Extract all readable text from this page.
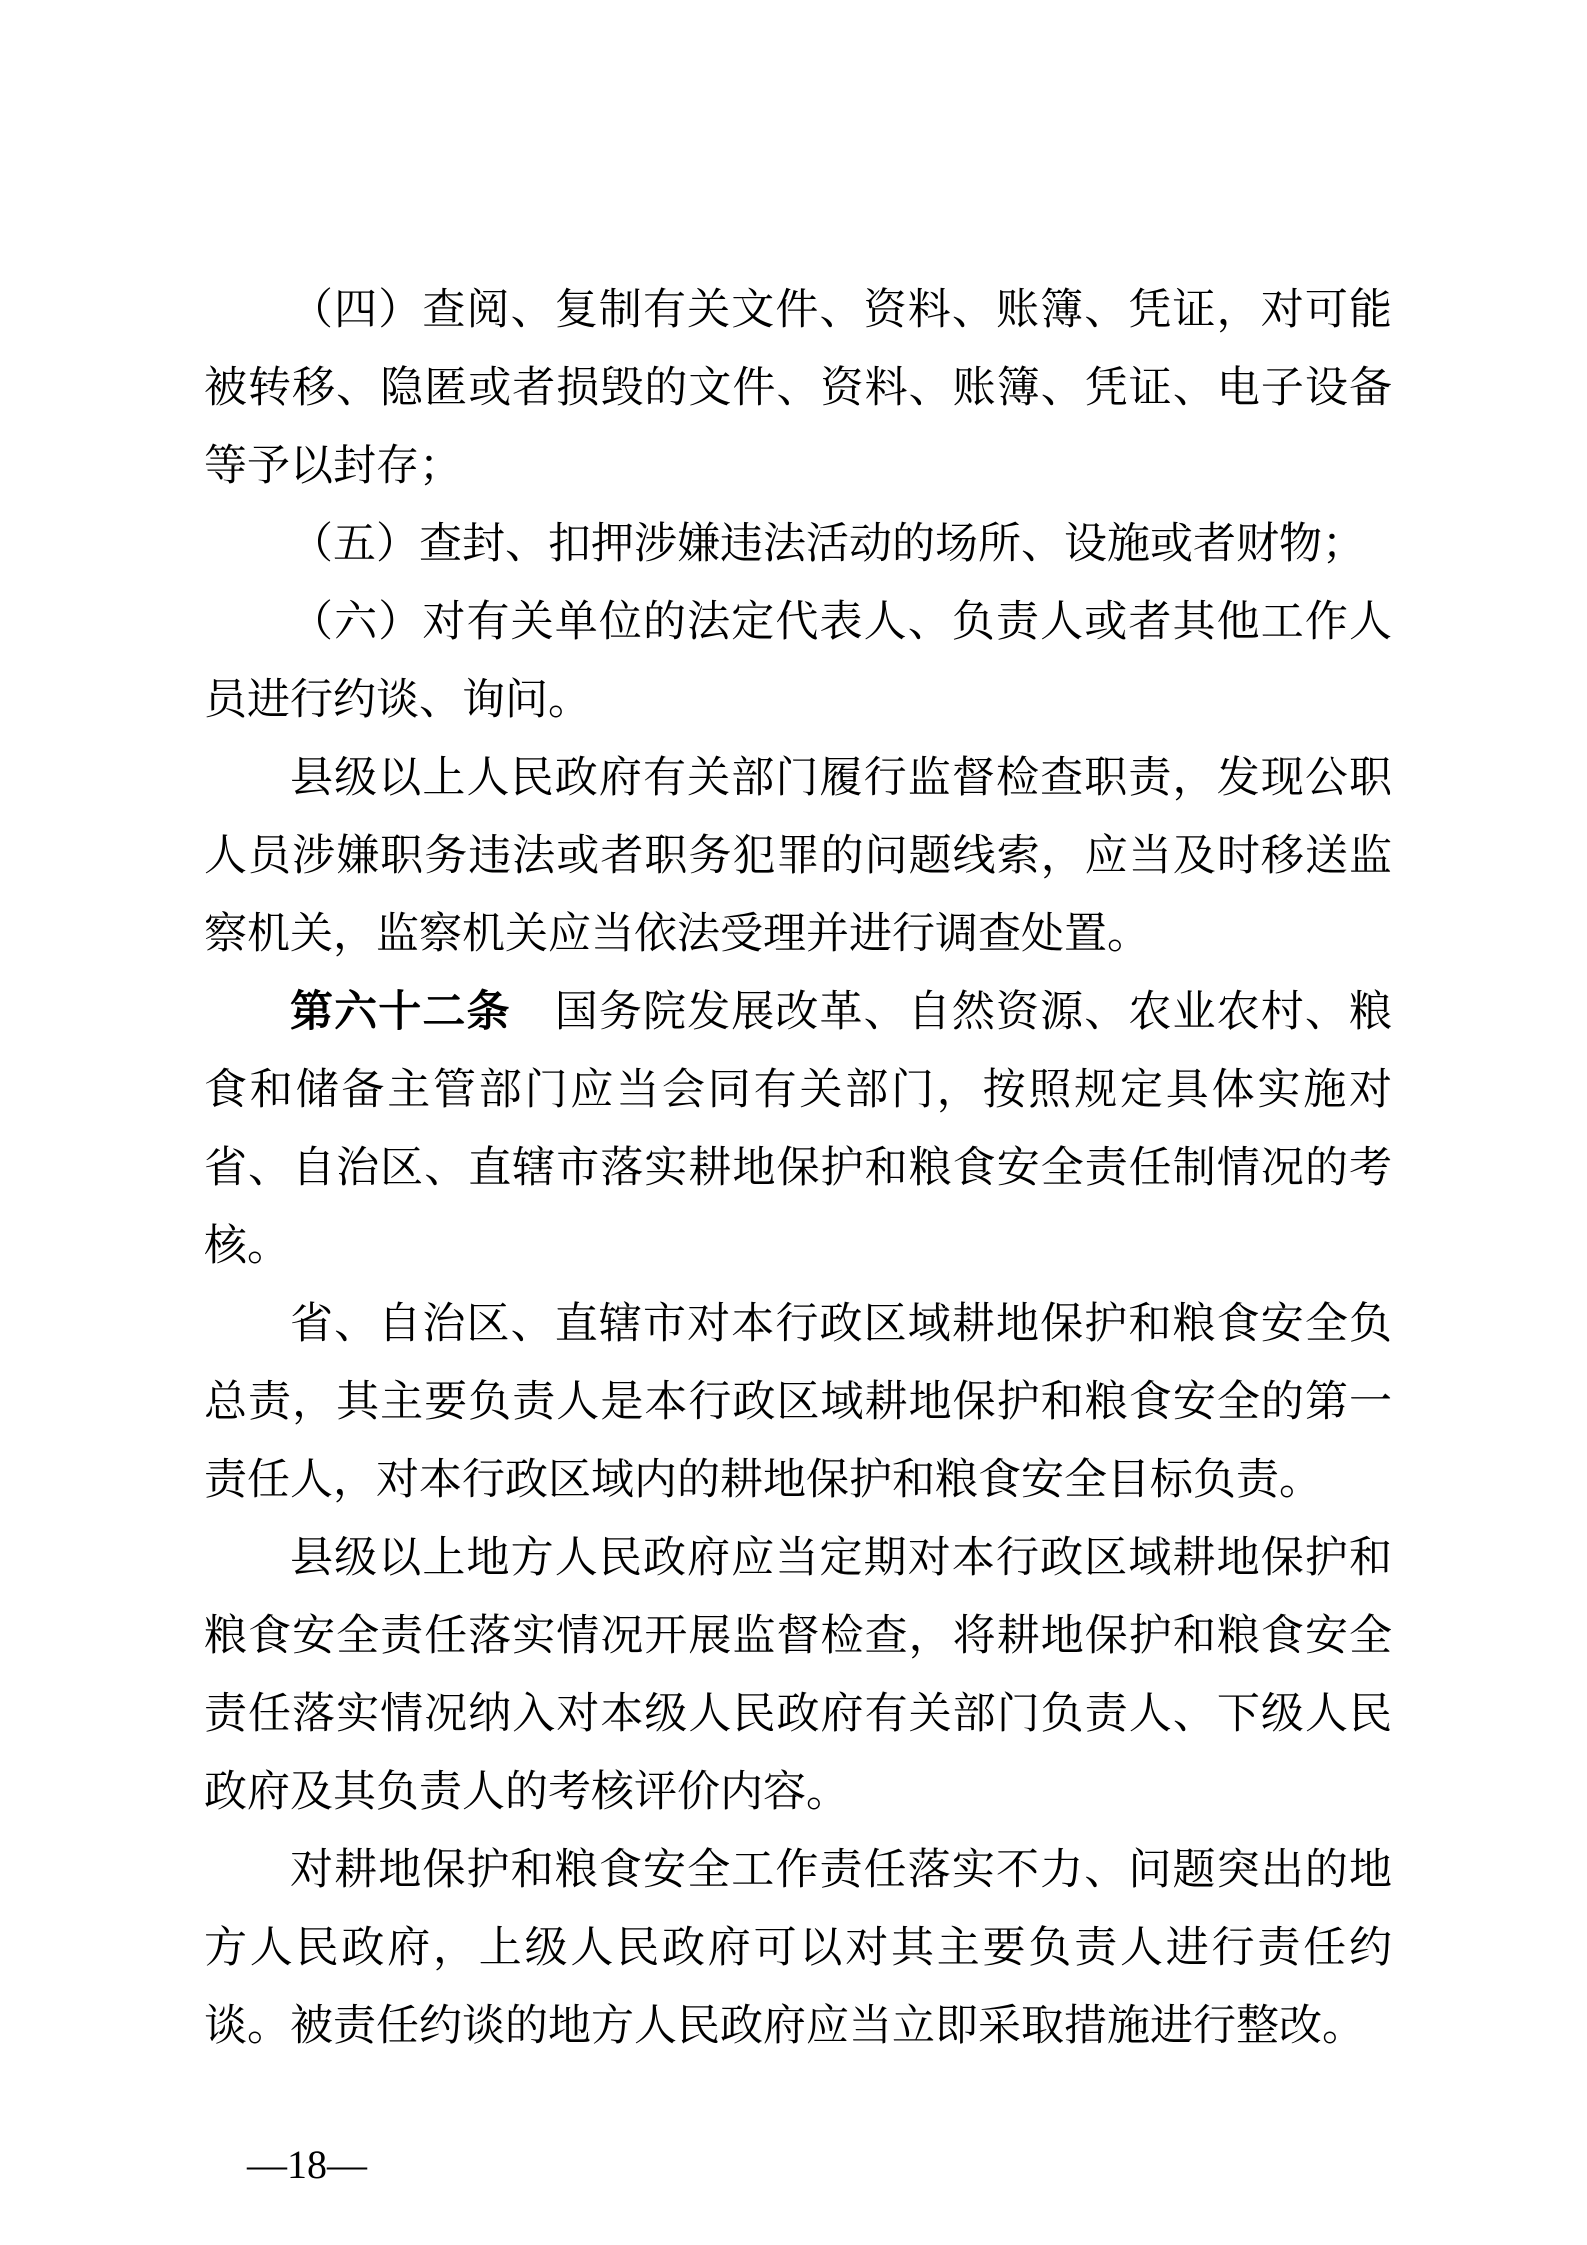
（四）查阅、复制有关文件、资料、账簿、凭证，对可能被转移、隐匿或者损毁的文件、资料、账簿、凭证、电子设备等予以封存；

（五）查封、扣押涉嫌违法活动的场所、设施或者财物；

（六）对有关单位的法定代表人、负责人或者其他工作人员进行约谈、询问。

县级以上人民政府有关部门履行监督检查职责，发现公职人员涉嫌职务违法或者职务犯罪的问题线索，应当及时移送监察机关，监察机关应当依法受理并进行调查处置。

第六十二条　国务院发展改革、自然资源、农业农村、粮食和储备主管部门应当会同有关部门，按照规定具体实施对省、自治区、直辖市落实耕地保护和粮食安全责任制情况的考核。

省、自治区、直辖市对本行政区域耕地保护和粮食安全负总责，其主要负责人是本行政区域耕地保护和粮食安全的第一责任人，对本行政区域内的耕地保护和粮食安全目标负责。

县级以上地方人民政府应当定期对本行政区域耕地保护和粮食安全责任落实情况开展监督检查，将耕地保护和粮食安全责任落实情况纳入对本级人民政府有关部门负责人、下级人民政府及其负责人的考核评价内容。

对耕地保护和粮食安全工作责任落实不力、问题突出的地方人民政府，上级人民政府可以对其主要负责人进行责任约谈。被责任约谈的地方人民政府应当立即采取措施进行整改。

—18—
